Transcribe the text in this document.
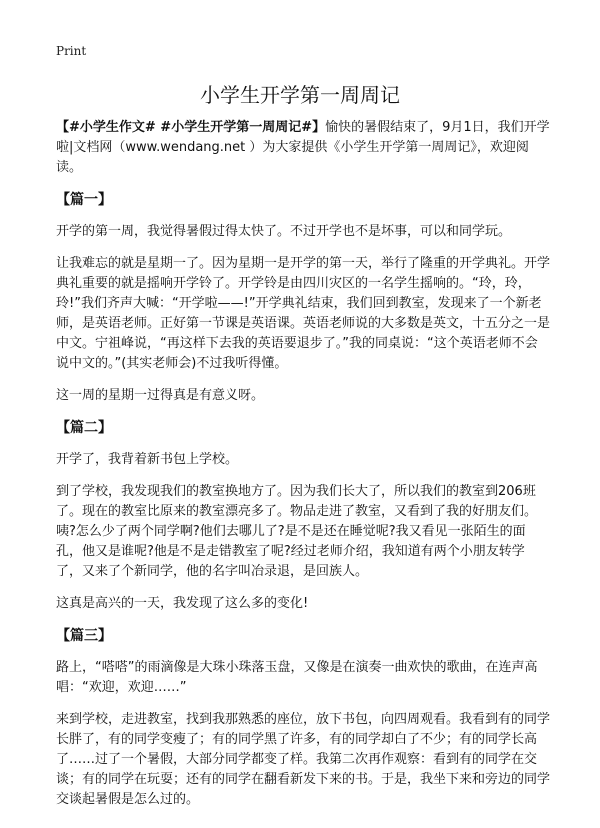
Print
小学生开学第一周周记

【#小学生作文# #小学生开学第一周周记#】愉快的暑假结束了，9月1日，我们开学啦|文档网（www.wendang.net ）为大家提供《小学生开学第一周周记》，欢迎阅读。

【篇一】

开学的第一周，我觉得暑假过得太快了。不过开学也不是坏事，可以和同学玩。

让我难忘的就是星期一了。因为星期一是开学的第一天，举行了隆重的开学典礼。开学典礼重要的就是摇响开学铃了。开学铃是由四川灾区的一名学生摇响的。“玲，玲，玲!”我们齐声大喊：“开学啦——!”开学典礼结束，我们回到教室，发现来了一个新老师，是英语老师。正好第一节课是英语课。英语老师说的大多数是英文，十五分之一是中文。宁祖峰说，“再这样下去我的英语要退步了。”我的同桌说：“这个英语老师不会说中文的。”(其实老师会)不过我听得懂。

这一周的星期一过得真是有意义呀。

【篇二】

开学了，我背着新书包上学校。

到了学校，我发现我们的教室换地方了。因为我们长大了，所以我们的教室到206班了。现在的教室比原来的教室漂亮多了。物品走进了教室，又看到了我的好朋友们。咦?怎么少了两个同学啊?他们去哪儿了?是不是还在睡觉呢?我又看见一张陌生的面孔，他又是谁呢?他是不是走错教室了呢?经过老师介绍，我知道有两个小朋友转学了，又来了个新同学，他的名字叫冶录退，是回族人。

这真是高兴的一天，我发现了这么多的变化!

【篇三】

路上，“嗒嗒”的雨滴像是大珠小珠落玉盘，又像是在演奏一曲欢快的歌曲，在连声高唱：“欢迎，欢迎……”

来到学校，走进教室，找到我那熟悉的座位，放下书包，向四周观看。我看到有的同学长胖了，有的同学变瘦了；有的同学黑了许多，有的同学却白了不少；有的同学长高了……过了一个暑假，大部分同学都变了样。我第二次再作观察：看到有的同学在交谈；有的同学在玩耍；还有的同学在翻看新发下来的书。于是，我坐下来和旁边的同学交谈起暑假是怎么过的。
